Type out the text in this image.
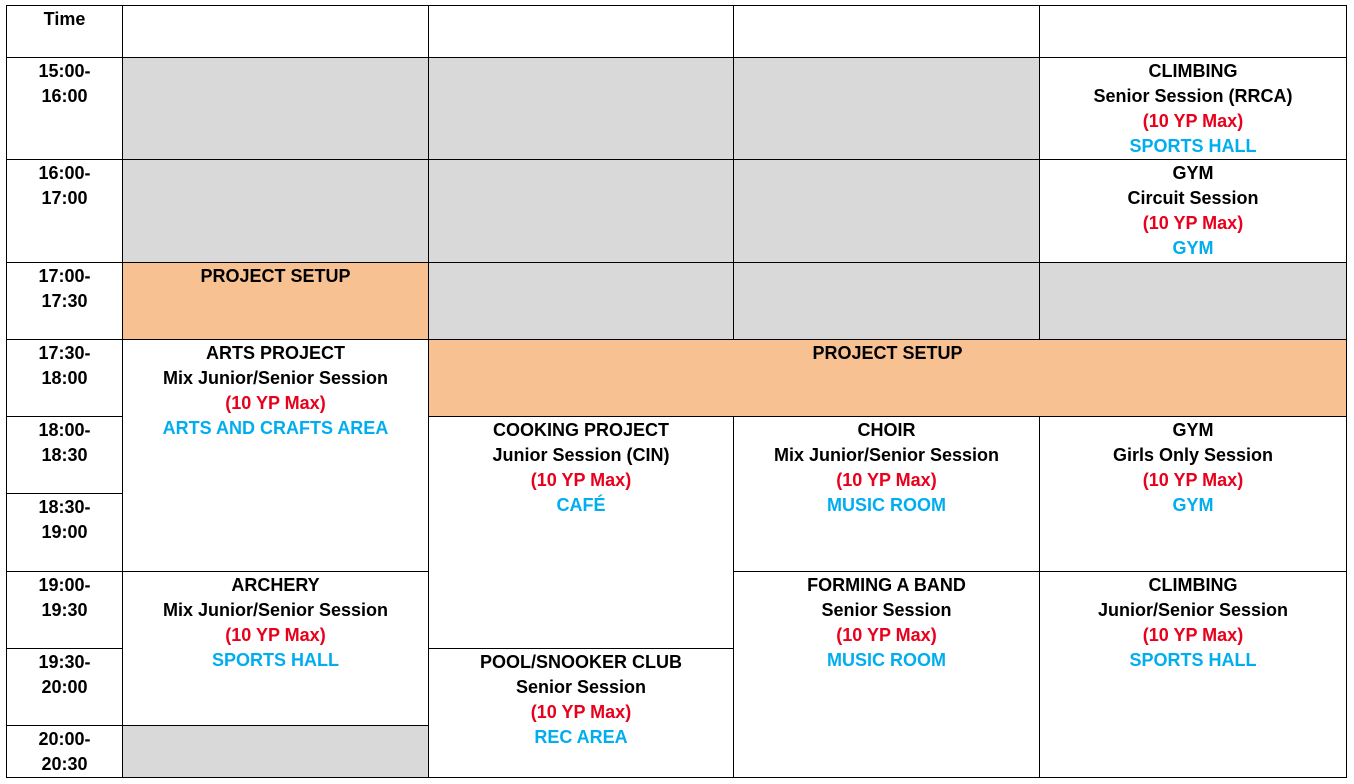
Time				

15:00-
16:00				CLIMBING
Senior Session (RRCA)
(10 YP Max)
SPORTS HALL

16:00-
17:00				GYM
Circuit Session
(10 YP Max)
GYM

17:00-
17:30	PROJECT SETUP			

17:30-
18:00	ARTS PROJECT
Mix Junior/Senior Session
(10 YP Max)
ARTS AND CRAFTS AREA	PROJECT SETUP		

18:00-
18:30		COOKING PROJECT
Junior Session (CIN)
(10 YP Max)
CAFÉ	CHOIR
Mix Junior/Senior Session
(10 YP Max)
MUSIC ROOM	GYM
Girls Only Session
(10 YP Max)
GYM

18:30-
19:00				

19:00-
19:30	ARCHERY
Mix Junior/Senior Session
(10 YP Max)
SPORTS HALL		FORMING A BAND
Senior Session
(10 YP Max)
MUSIC ROOM	CLIMBING
Junior/Senior Session
(10 YP Max)
SPORTS HALL

19:30-
20:00		POOL/SNOOKER CLUB
Senior Session
(10 YP Max)
REC AREA		

20:00-
20:30				
